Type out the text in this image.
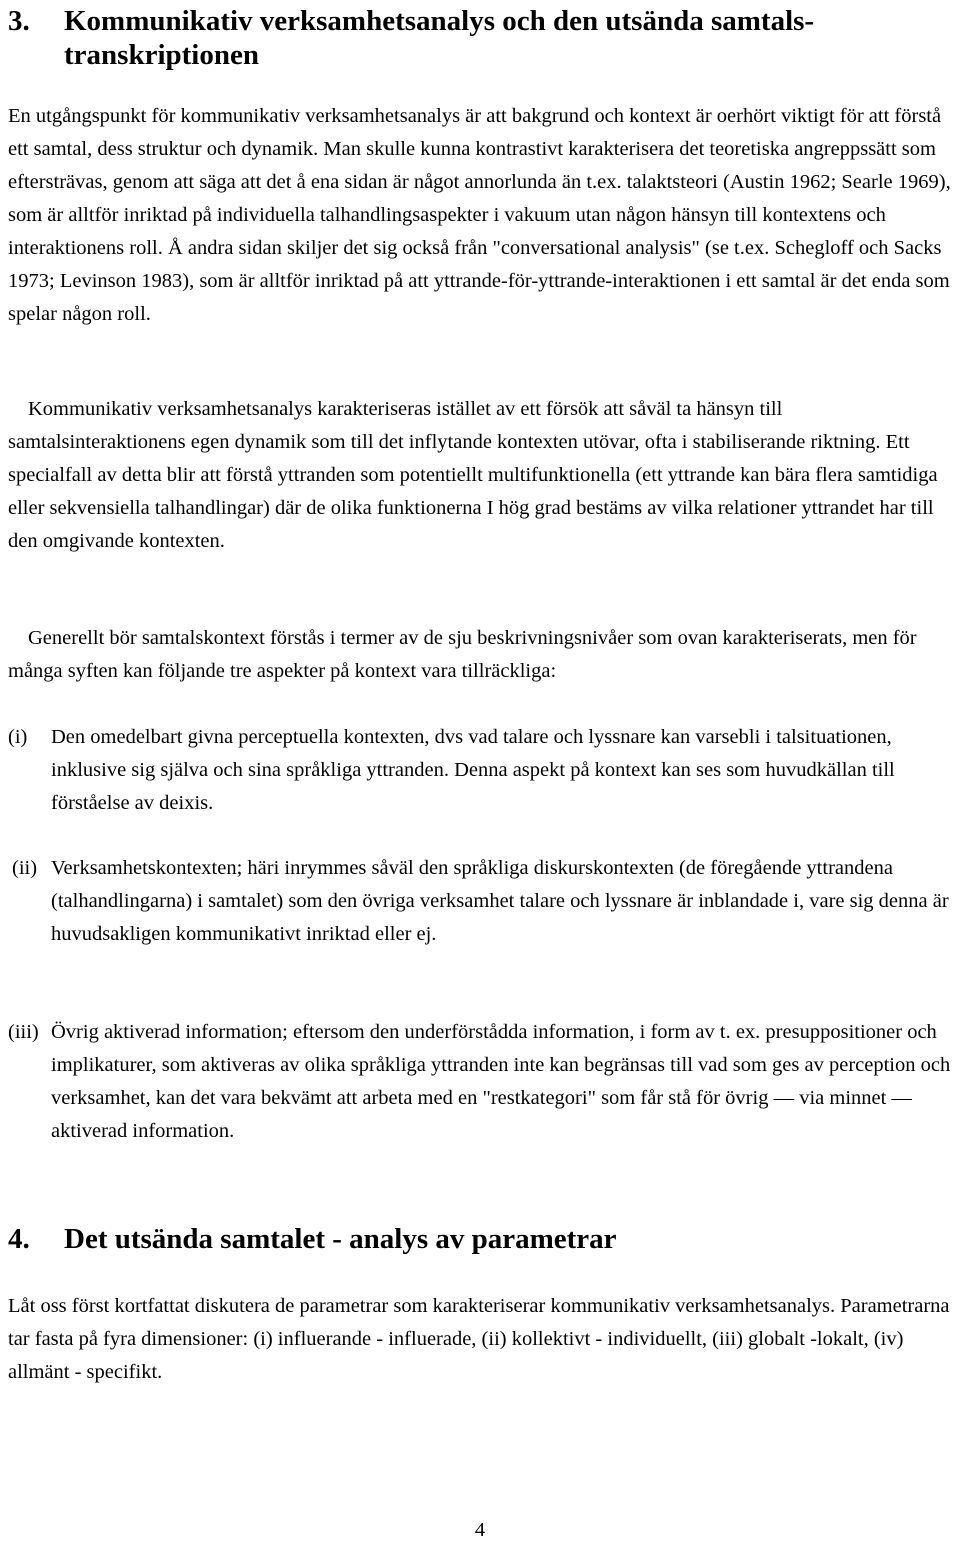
3. Kommunikativ verksamhetsanalys och den utsända samtals-transkriptionen

En utgångspunkt för kommunikativ verksamhetsanalys är att bakgrund och kontext är oerhört viktigt för att förstå ett samtal, dess struktur och dynamik. Man skulle kunna kontrastivt karakterisera det teoretiska angreppssätt som eftersträvas, genom att säga att det å ena sidan är något annorlunda än t.ex. talaktsteori (Austin 1962; Searle 1969), som är alltför inriktad på individuella talhandlingsaspekter i vakuum utan någon hänsyn till kontextens och interaktionens roll. Å andra sidan skiljer det sig också från "conversational analysis" (se t.ex. Schegloff och Sacks 1973; Levinson 1983), som är alltför inriktad på att yttrande-för-yttrande-interaktionen i ett samtal är det enda som spelar någon roll.

Kommunikativ verksamhetsanalys karakteriseras istället av ett försök att såväl ta hänsyn till samtalsinteraktionens egen dynamik som till det inflytande kontexten utövar, ofta i stabiliserande riktning. Ett specialfall av detta blir att förstå yttranden som potentiellt multifunktionella (ett yttrande kan bära flera samtidiga eller sekvensiella talhandlingar) där de olika funktionerna I hög grad bestäms av vilka relationer yttrandet har till den omgivande kontexten.

Generellt bör samtalskontext förstås i termer av de sju beskrivningsnivåer som ovan karakteriserats, men för många syften kan följande tre aspekter på kontext vara tillräckliga:

(i) Den omedelbart givna perceptuella kontexten, dvs vad talare och lyssnare kan varsebli i talsituationen, inklusive sig själva och sina språkliga yttranden. Denna aspekt på kontext kan ses som huvudkällan till förståelse av deixis.
(ii) Verksamhetskontexten; häri inrymmes såväl den språkliga diskurskontexten (de föregående yttrandena (talhandlingarna) i samtalet) som den övriga verksamhet talare och lyssnare är inblandade i, vare sig denna är huvudsakligen kommunikativt inriktad eller ej.
(iii) Övrig aktiverad information; eftersom den underförstådda information, i form av t. ex. presuppositioner och implikaturer, som aktiveras av olika språkliga yttranden inte kan begränsas till vad som ges av perception och verksamhet, kan det vara bekvämt att arbeta med en "restkategori" som får stå för övrig — via minnet — aktiverad information.
4. Det utsända samtalet - analys av parametrar

Låt oss först kortfattat diskutera de parametrar som karakteriserar kommunikativ verksamhetsanalys. Parametrarna tar fasta på fyra dimensioner: (i) influerande - influerade, (ii) kollektivt - individuellt, (iii) globalt -lokalt, (iv) allmänt - specifikt.

4
